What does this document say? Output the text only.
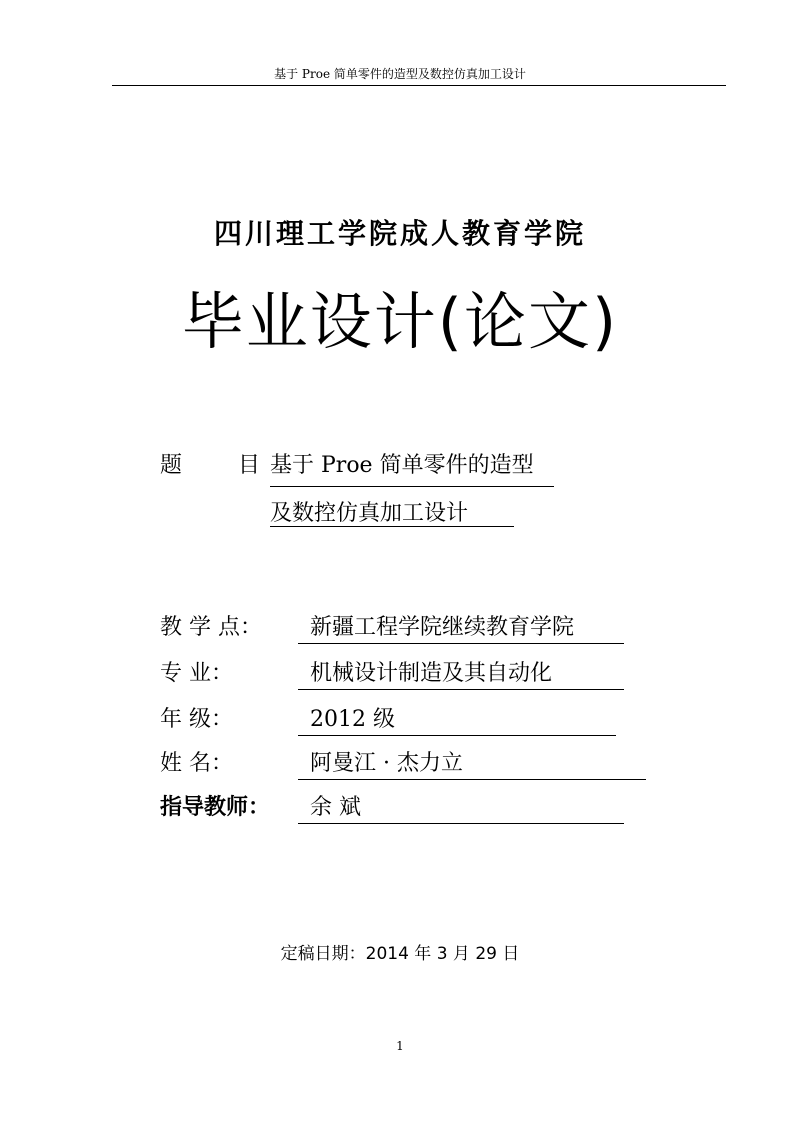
基于 Proe 简单零件的造型及数控仿真加工设计
四川理工学院成人教育学院
毕业设计(论文)
题	目 基于 Proe 简单零件的造型
及数控仿真加工设计
教 学 点：	新疆工程学院继续教育学院
专 业：	机械设计制造及其自动化
年 级：	2012 级
姓 名：	阿曼江 · 杰力立
指导教师：	余 斌
定稿日期：2014 年 3 月 29 日
1
